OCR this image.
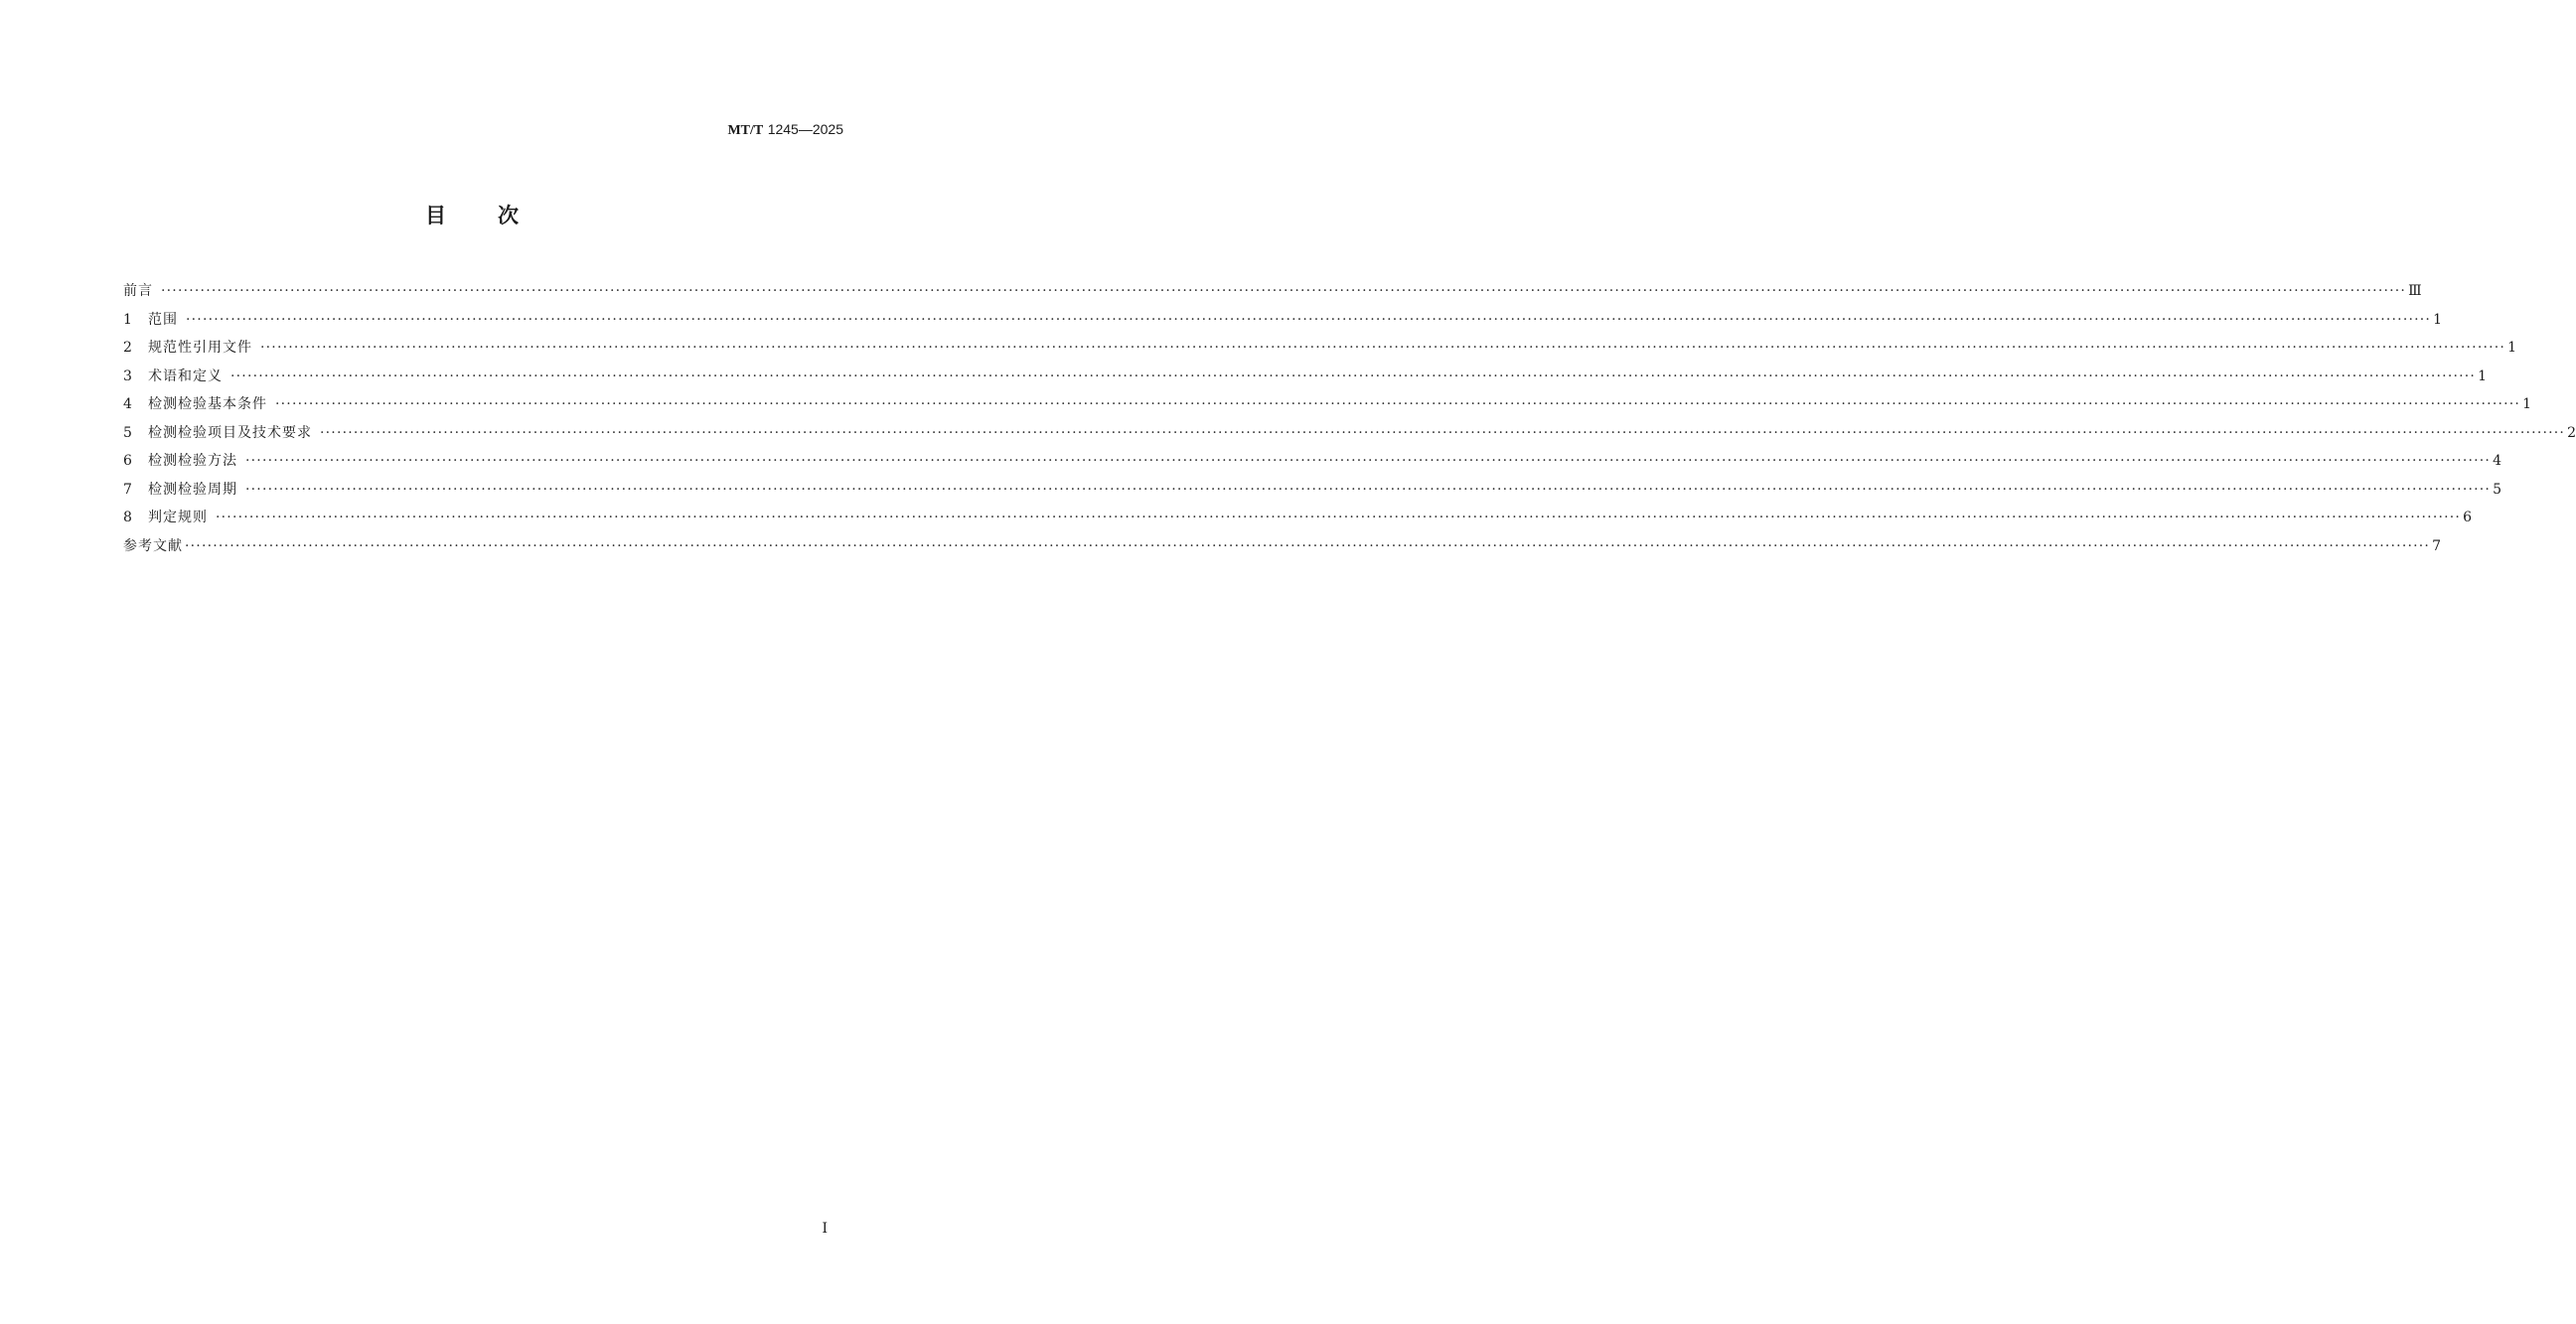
MT/T 1245—2025
目次
前言 ················································································································································································································································································································································································································ Ⅲ
1	范围 ················································································································································································································································································································································································································ 1
2	规范性引用文件 ················································································································································································································································································································································································································ 1
3	术语和定义 ················································································································································································································································································································································································································ 1
4	检测检验基本条件 ················································································································································································································································································································································································································ 1
5	检测检验项目及技术要求 ················································································································································································································································································································································································································ 2
6	检测检验方法 ················································································································································································································································································································································································································ 4
7	检测检验周期 ················································································································································································································································································································································································································ 5
8	判定规则 ················································································································································································································································································································································································································ 6
参考文献 ················································································································································································································································································································································································································ 7
Ⅰ
